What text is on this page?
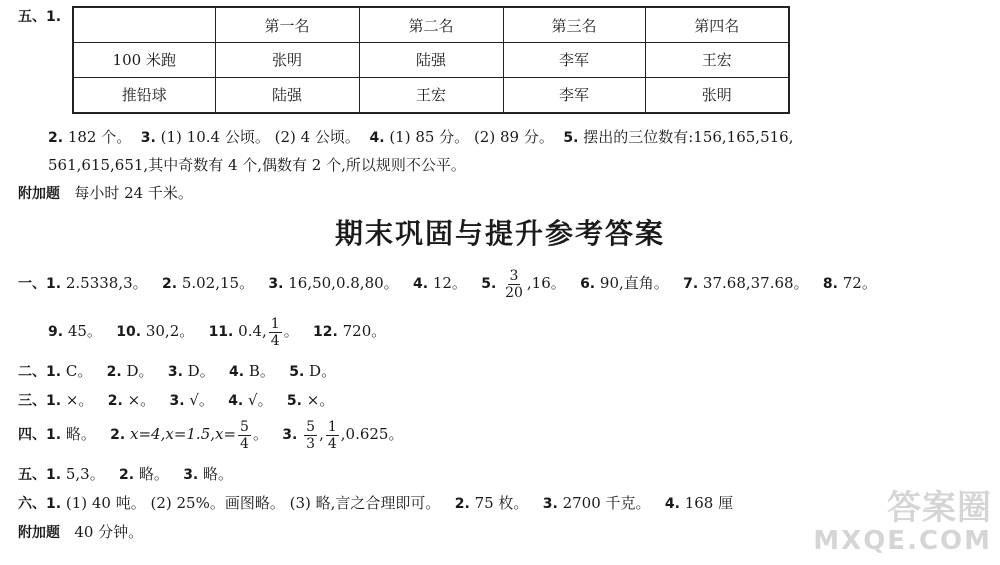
五、1.
		第一名	第二名	第三名	第四名
100 米跑	张明	陆强	李军	王宏
推铅球	陆强	王宏	李军	张明
2. 182 个。 3. (1) 10.4 公顷。 (2) 4 公顷。 4. (1) 85 分。 (2) 89 分。 5. 摆出的三位数有:156,165,516,
561,615,651,其中奇数有 4 个,偶数有 2 个,所以规则不公平。
附加题 每小时 24 千米。
期末巩固与提升参考答案
一、1. 2.5338,3。 2. 5.02,15。 3. 16,50,0.8,80。 4. 12。 5. $\frac{3}{20} ,16$。 6. 90,直角。 7. 37.68,37.68。 8. 72。
9. 45。 10. 30,2。 11. 0.4, $\frac{1}{4}$ 。 12. 720。
二、1. C。 2. D。 3. D。 4. B。 5. D。
三、1. ×。 2. ×。 3. √。 4. √。 5. ×。
四、1. 略。 2. $x=4,x=1.5,x= \frac{5}{4}$ 。 3. $\frac{5}{3}$ , $\frac{1}{4} ,0.625$。
五、1. 5,3。 2. 略。 3. 略。
六、1. (1) 40 吨。 (2) 25%。画图略。 (3) 略,言之合理即可。 2. 75 枚。 3. 2700 千克。 4. 168 厘
附加题 40 分钟。
答案圈
MXQE.COM
